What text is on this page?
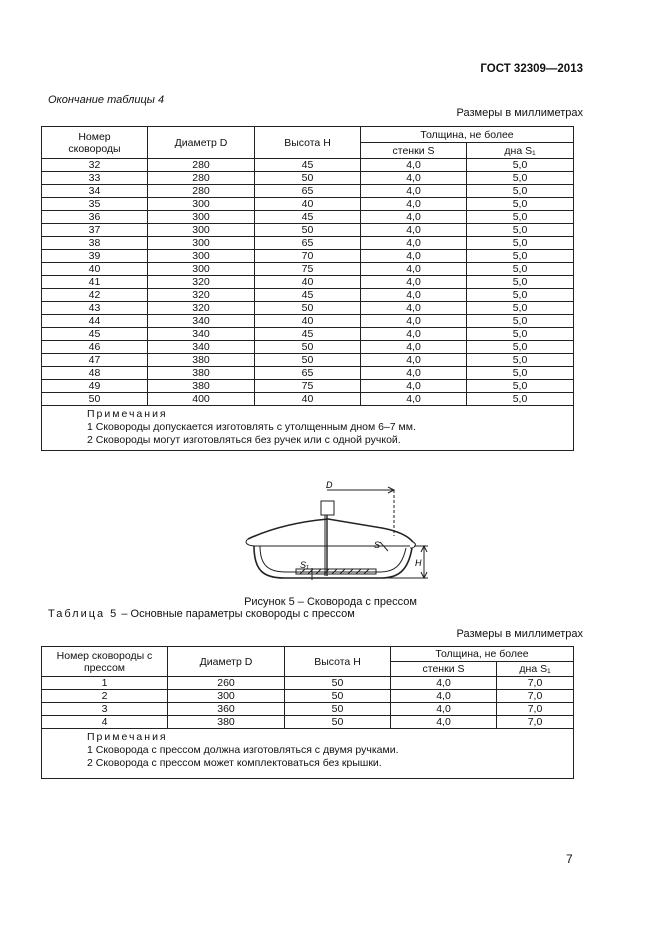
ГОСТ 32309—2013
Окончание таблицы 4
Размеры в миллиметрах
Номер сковороды	Диаметр D	Высота H	Толщина, не более	
			стенки S	дна S₁
32	280	45	4,0	5,0
33	280	50	4,0	5,0
34	280	65	4,0	5,0
35	300	40	4,0	5,0
36	300	45	4,0	5,0
37	300	50	4,0	5,0
38	300	65	4,0	5,0
39	300	70	4,0	5,0
40	300	75	4,0	5,0
41	320	40	4,0	5,0
42	320	45	4,0	5,0
43	320	50	4,0	5,0
44	340	40	4,0	5,0
45	340	45	4,0	5,0
46	340	50	4,0	5,0
47	380	50	4,0	5,0
48	380	65	4,0	5,0
49	380	75	4,0	5,0
50	400	40	4,0	5,0

Примечания
1 Сковороды допускается изготовлять с утолщенным дном 6–7 мм.
2 Сковороды могут изготовляться без ручек или с одной ручкой.				
D
H
S
S₁
Рисунок 5 – Сковорода с прессом
Таблица 5 – Основные параметры сковороды с прессом
Размеры в миллиметрах
Номер сковороды с прессом	Диаметр D	Высота H	Толщина, не более	
			стенки S	дна S₁
1	260	50	4,0	7,0
2	300	50	4,0	7,0
3	360	50	4,0	7,0
4	380	50	4,0	7,0

Примечания
1 Сковорода с прессом должна изготовляться с двумя ручками.
2 Сковорода с прессом может комплектоваться без крышки.				
7
